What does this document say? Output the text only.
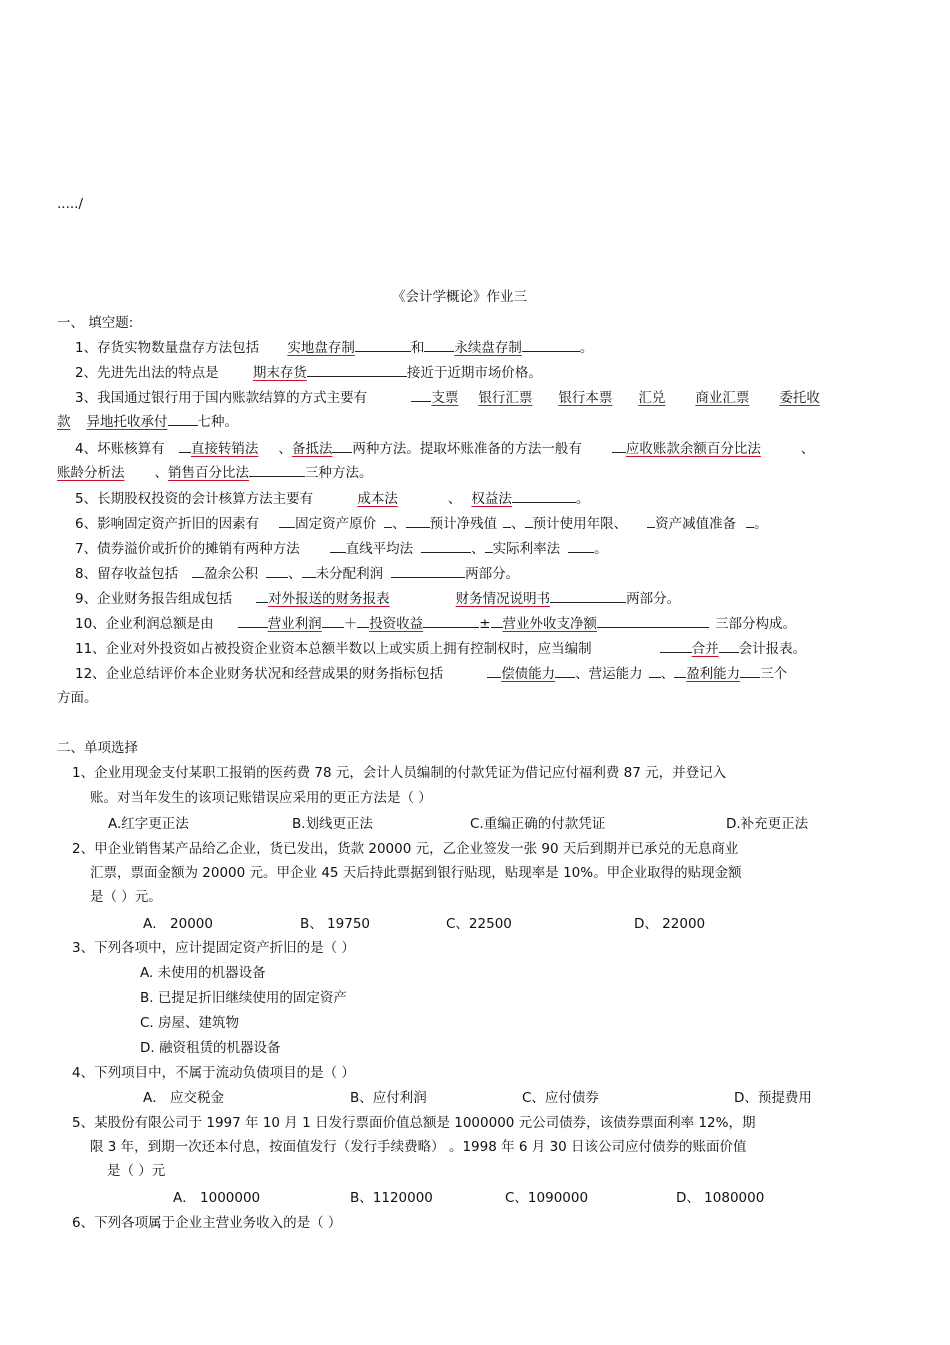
...../
《会计学概论》作业三
一、 填空题:
1、存货实物数量盘存方法包括 实地盘存制	和 永续盘存制	。
2、先进先出法的特点是	期末存货	接近于近期市场价格。
3、我国通过银行用于国内账款结算的方式主要有	支票 银行汇票 银行本票 汇兑 商业汇票 委托收
款 异地托收承付 七种。
4、坏账核算有 直接转销法 、备抵法 两种方法。提取坏账准备的方法一般有	应收账款余额百分比法	、
账龄分析法 、销售百分比法	三种方法。
5、长期股权投资的会计核算方法主要有	成本法	、 权益法	。
6、影响固定资产折旧的因素有	固定资产原价 、 预计净残值 、 预计使用年限、 资产减值准备 。
7、债券溢价或折价的摊销有两种方法	直线平均法	、 实际利率法	。
8、留存收益包括 盈余公积 、 未分配利润	两部分。
9、企业财务报告组成包括	对外报送的财务报表	财务情况说明书	两部分。
10、企业利润总额是由	营业利润 ＋ 投资收益	± 营业外收支净额	三部分构成。
11、企业对外投资如占被投资企业资本总额半数以上或实质上拥有控制权时，应当编制	合并 会计报表。
12、企业总结评价本企业财务状况和经营成果的财务指标包括	偿债能力 、营运能力 、 盈利能力 三个
方面。
二、单项选择
1、企业用现金支付某职工报销的医药费 78 元，会计人员编制的付款凭证为借记应付福利费 87 元，并登记入
账。对当年发生的该项记账错误应采用的更正方法是（ ）
A.红字更正法	B.划线更正法	C.重编正确的付款凭证	D.补充更正法
2、甲企业销售某产品给乙企业，货已发出，货款 20000 元，乙企业签发一张 90 天后到期并已承兑的无息商业
汇票，票面金额为 20000 元。甲企业 45 天后持此票据到银行贴现，贴现率是 10%。甲企业取得的贴现金额
是（ ）元。
A． 20000	B、 19750	C、22500	D、 22000
3、下列各项中，应计提固定资产折旧的是（ ）
A. 未使用的机器设备
B. 已提足折旧继续使用的固定资产
C. 房屋、建筑物
D. 融资租赁的机器设备
4、下列项目中，不属于流动负债项目的是（ ）
A． 应交税金	B、应付利润	C、应付债券	D、预提费用
5、某股份有限公司于 1997 年 10 月 1 日发行票面价值总额是 1000000 元公司债券，该债券票面利率 12%，期
限 3 年，到期一次还本付息，按面值发行（发行手续费略） 。1998 年 6 月 30 日该公司应付债券的账面价值
是（ ）元
A． 1000000	B、1120000	C、1090000	D、 1080000
6、下列各项属于企业主营业务收入的是（ ）
